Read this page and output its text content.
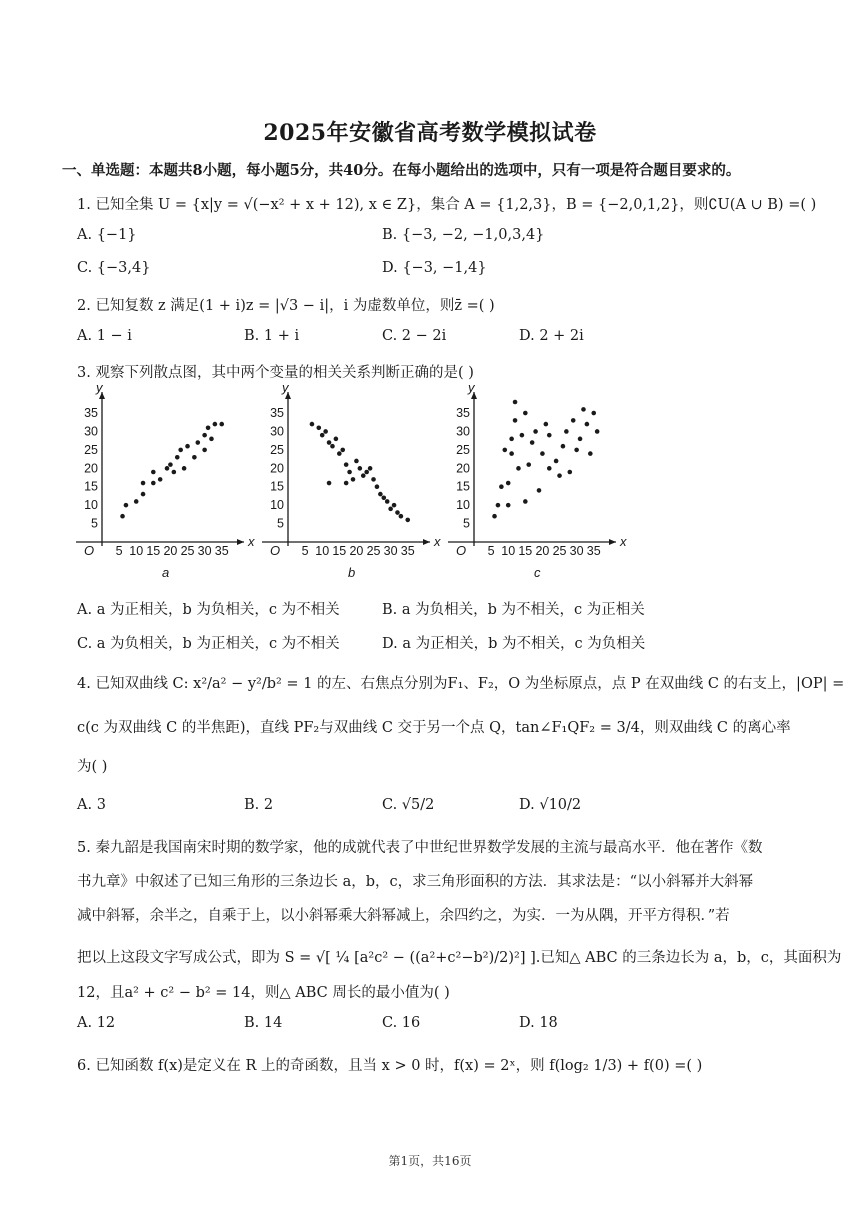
2025年安徽省高考数学模拟试卷
一、单选题：本题共8小题，每小题5分，共40分。在每小题给出的选项中，只有一项是符合题目要求的。
1. 已知全集 U = {x|y = √(−x² + x + 12), x ∈ Z}，集合 A = {1,2,3}，B = {−2,0,1,2}，则∁U(A ∪ B) =( )
A. {−1}	B. {−3, −2, −1,0,3,4}
C. {−3,4}	D. {−3, −1,4}
2. 已知复数 z 满足(1 + i)z = |√3 − i|，i 为虚数单位，则z̄ =( )
A. 1 − i	B. 1 + i	C. 2 − 2i	D. 2 + 2i
3. 观察下列散点图，其中两个变量的相关关系判断正确的是( )
x
y
O 5 10 15 20 25 30 35
5
10
15
20
25
30
35
a
x
y
O 5 10 15 20 25 30 35
5
10
15
20
25
30
35
b
x
y
O 5 10 15 20 25 30 35
5
10
15
20
25
30
35
c
A. a 为正相关，b 为负相关，c 为不相关	B. a 为负相关，b 为不相关，c 为正相关
C. a 为负相关，b 为正相关，c 为不相关	D. a 为正相关，b 为不相关，c 为负相关
4. 已知双曲线 C: x²/a² − y²/b² = 1 的左、右焦点分别为F₁、F₂，O 为坐标原点，点 P 在双曲线 C 的右支上，|OP| =
c(c 为双曲线 C 的半焦距)，直线 PF₂与双曲线 C 交于另一个点 Q，tan∠F₁QF₂ = 3/4，则双曲线 C 的离心率
为( )
A. 3	B. 2	C. √5/2	D. √10/2
5. 秦九韶是我国南宋时期的数学家，他的成就代表了中世纪世界数学发展的主流与最高水平．他在著作《数
书九章》中叙述了已知三角形的三条边长 a，b，c，求三角形面积的方法．其求法是：“以小斜幂并大斜幂
减中斜幂，余半之，自乘于上，以小斜幂乘大斜幂减上，余四约之，为实．一为从隅，开平方得积．”若
把以上这段文字写成公式，即为 S = √[ ¼ [a²c² − ((a²+c²−b²)/2)²] ].已知△ ABC 的三条边长为 a，b，c，其面积为
12，且a² + c² − b² = 14，则△ ABC 周长的最小值为( )
A. 12	B. 14	C. 16	D. 18
6. 已知函数 f(x)是定义在 R 上的奇函数，且当 x > 0 时，f(x) = 2ˣ，则 f(log₂ 1/3) + f(0) =( )
第1页，共16页
